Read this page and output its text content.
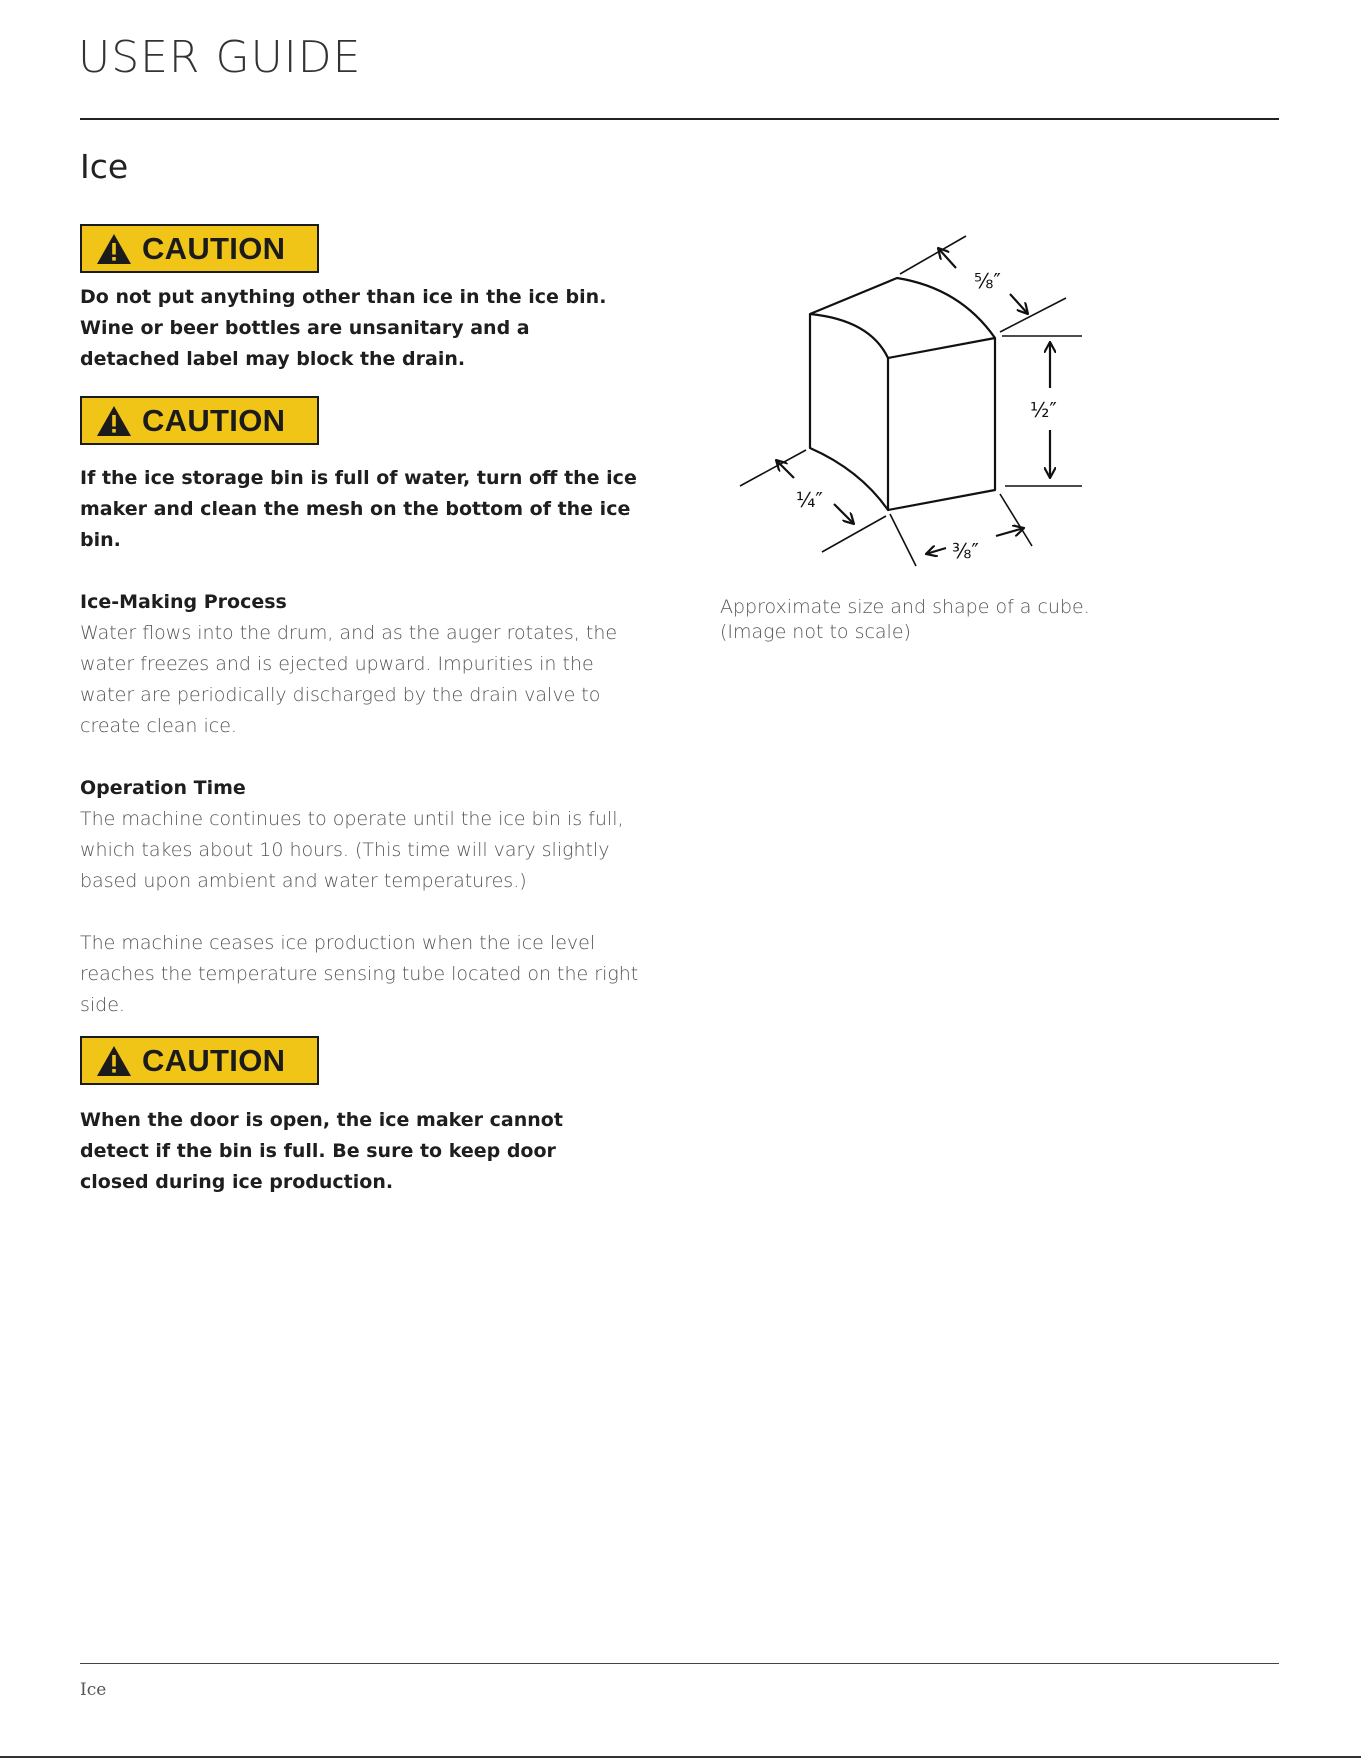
USER GUIDE
Ice
CAUTION

Do not put anything other than ice in the ice bin. Wine or beer bottles are unsanitary and a detached label may block the drain.

CAUTION

If the ice storage bin is full of water, turn off the ice maker and clean the mesh on the bottom of the ice bin.

Ice-Making Process

Water flows into the drum, and as the auger rotates, the water freezes and is ejected upward. Impurities in the water are periodically discharged by the drain valve to create clean ice.

Operation Time

The machine continues to operate until the ice bin is full, which takes about 10 hours. (This time will vary slightly based upon ambient and water temperatures.)

The machine ceases ice production when the ice level reaches the temperature sensing tube located on the right side.

CAUTION

When the door is open, the ice maker cannot detect if the bin is full. Be sure to keep door closed during ice production.

⅝″
½″
¼″
⅜″

Approximate size and shape of a cube.

(Image not to scale)

Ice
